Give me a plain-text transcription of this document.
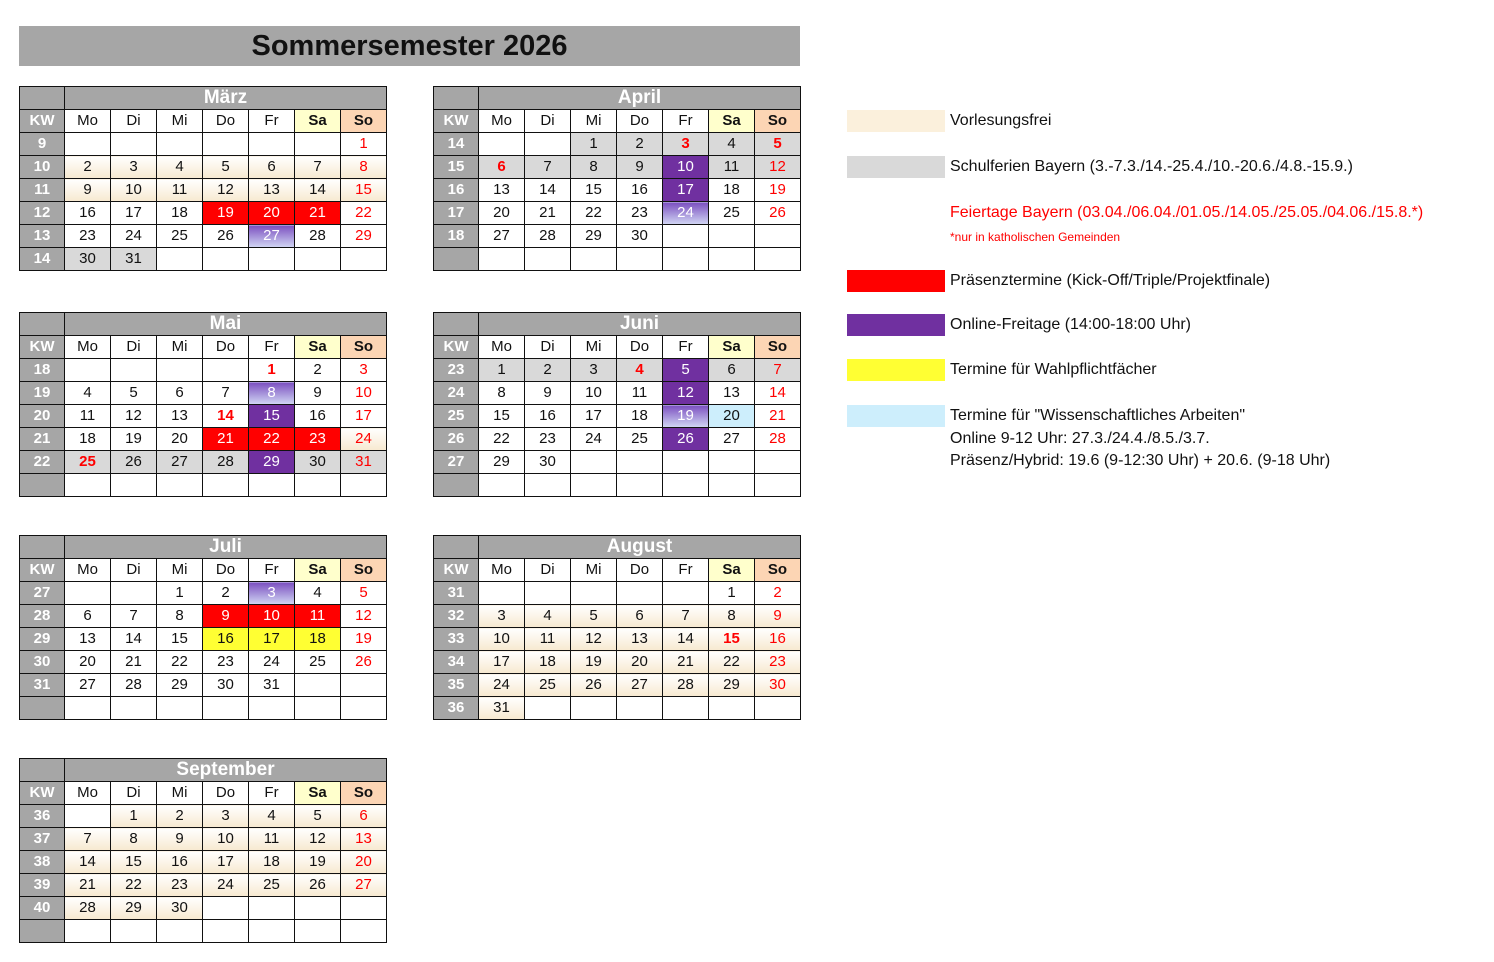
Sommersemester 2026
	März						
KW	Mo	Di	Mi	Do	Fr	Sa	So
9							1
10	2	3	4	5	6	7	8
11	9	10	11	12	13	14	15
12	16	17	18	19	20	21	22
13	23	24	25	26	27	28	29
14	30	31					
	April						
KW	Mo	Di	Mi	Do	Fr	Sa	So
14			1	2	3	4	5
15	6	7	8	9	10	11	12
16	13	14	15	16	17	18	19
17	20	21	22	23	24	25	26
18	27	28	29	30			

	Mai						
KW	Mo	Di	Mi	Do	Fr	Sa	So
18					1	2	3
19	4	5	6	7	8	9	10
20	11	12	13	14	15	16	17
21	18	19	20	21	22	23	24
22	25	26	27	28	29	30	31

	Juni						
KW	Mo	Di	Mi	Do	Fr	Sa	So
23	1	2	3	4	5	6	7
24	8	9	10	11	12	13	14
25	15	16	17	18	19	20	21
26	22	23	24	25	26	27	28
27	29	30					

	Juli						
KW	Mo	Di	Mi	Do	Fr	Sa	So
27			1	2	3	4	5
28	6	7	8	9	10	11	12
29	13	14	15	16	17	18	19
30	20	21	22	23	24	25	26
31	27	28	29	30	31		

	August						
KW	Mo	Di	Mi	Do	Fr	Sa	So
31						1	2
32	3	4	5	6	7	8	9
33	10	11	12	13	14	15	16
34	17	18	19	20	21	22	23
35	24	25	26	27	28	29	30
36	31						
	September						
KW	Mo	Di	Mi	Do	Fr	Sa	So
36		1	2	3	4	5	6
37	7	8	9	10	11	12	13
38	14	15	16	17	18	19	20
39	21	22	23	24	25	26	27
40	28	29	30				

Vorlesungsfrei
Schulferien Bayern (3.-7.3./14.-25.4./10.-20.6./4.8.-15.9.)
Feiertage Bayern (03.04./06.04./01.05./14.05./25.05./04.06./15.8.*)
*nur in katholischen Gemeinden
Präsenztermine (Kick-Off/Triple/Projektfinale)
Online-Freitage (14:00-18:00 Uhr)
Termine für Wahlpflichtfächer
Termine für "Wissenschaftliches Arbeiten"
Online 9-12 Uhr: 27.3./24.4./8.5./3.7.
Präsenz/Hybrid: 19.6 (9-12:30 Uhr) + 20.6. (9-18 Uhr)
